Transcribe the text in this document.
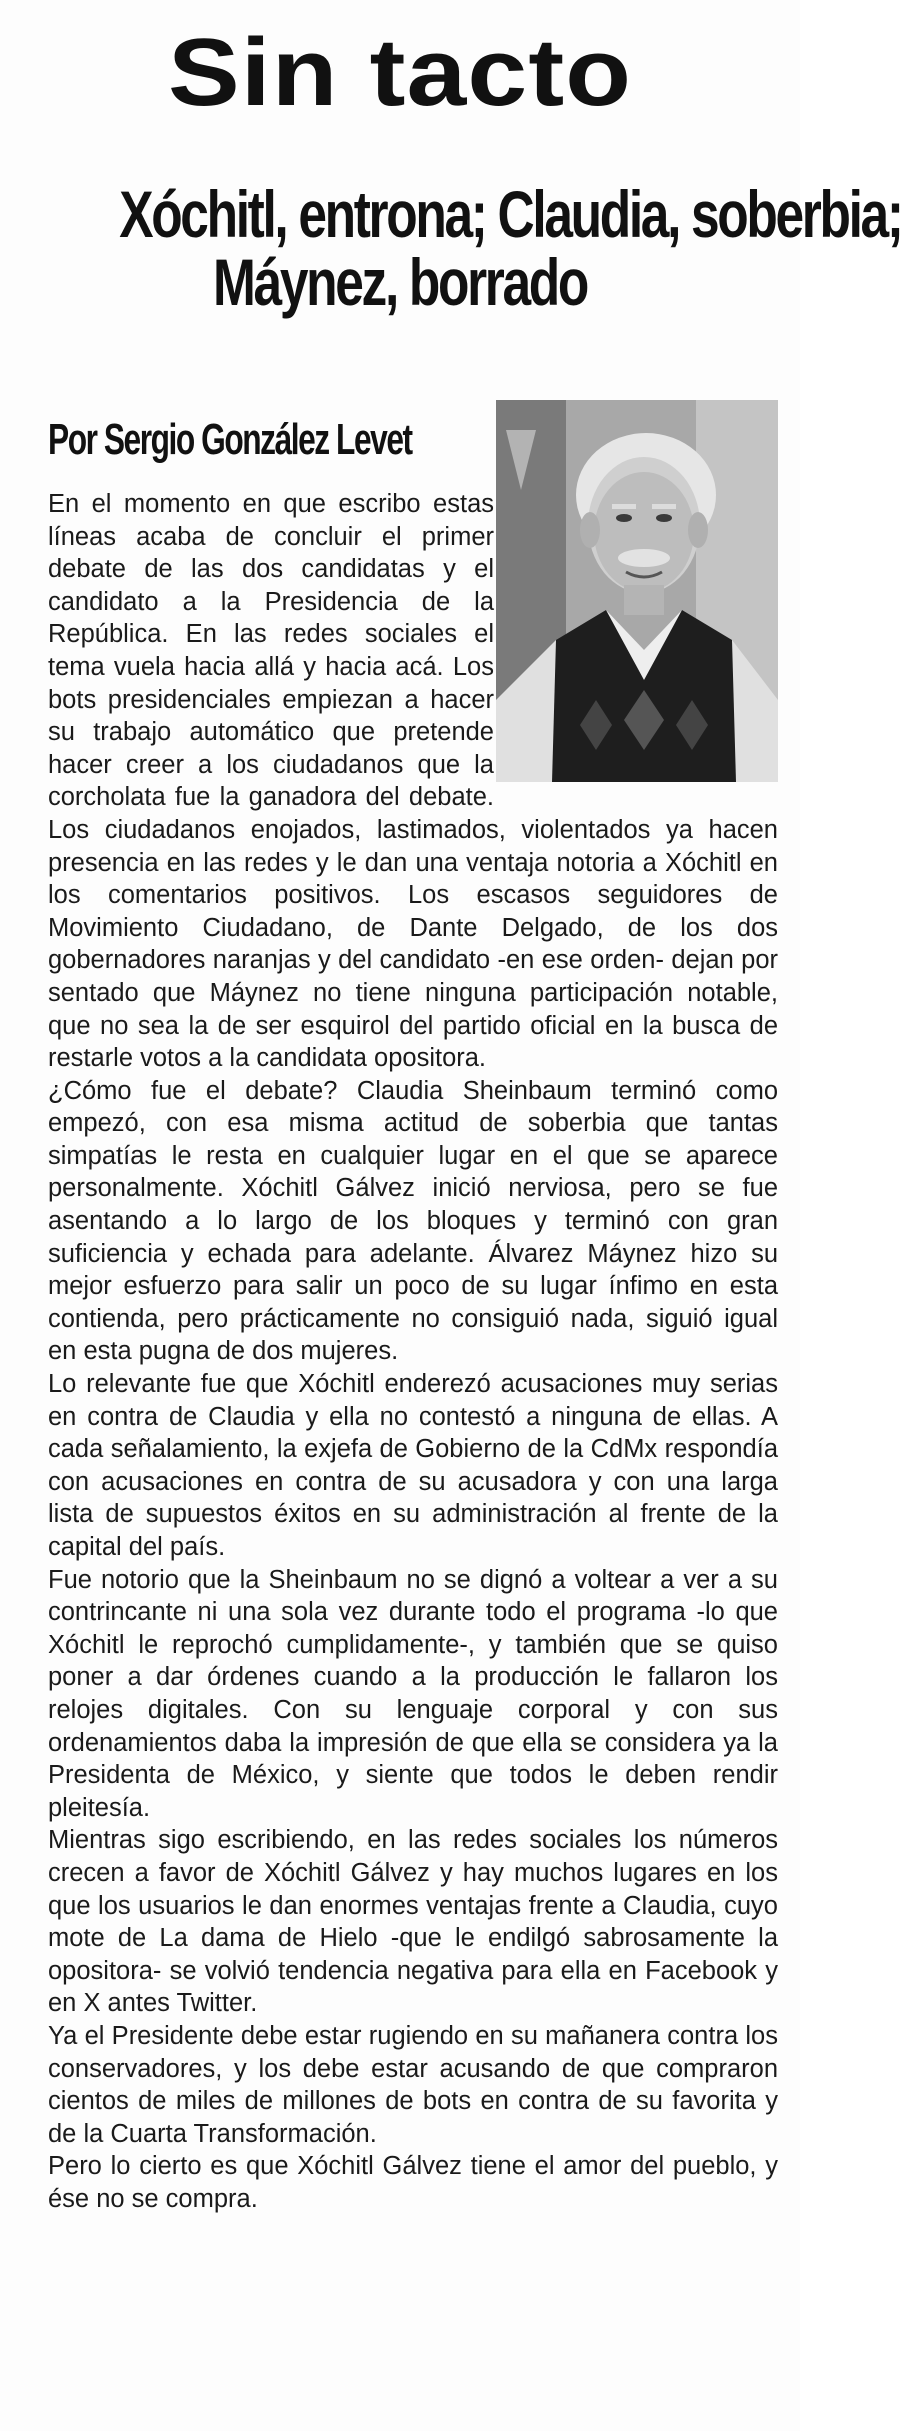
Sin tacto
Xóchitl, entrona; Claudia, soberbia;
Máynez, borrado
Por Sergio González Levet

En el momento en que escribo estas líneas acaba de concluir el primer debate de las dos candidatas y el candidato a la Presidencia de la República. En las redes sociales el tema vuela hacia allá y hacia acá. Los bots presidenciales empiezan a hacer su trabajo automático que pretende hacer creer a los ciudadanos que la corcholata fue la ganadora del debate. Los ciudadanos enojados, lastimados, violentados ya hacen presencia en las redes y le dan una ventaja notoria a Xóchitl en los comentarios positivos. Los escasos seguidores de Movimiento Ciudadano, de Dante Delgado, de los dos gobernadores naranjas y del candidato -en ese orden- dejan por sentado que Máynez no tiene ninguna participación notable, que no sea la de ser esquirol del partido oficial en la busca de restarle votos a la candidata opositora.

¿Cómo fue el debate? Claudia Sheinbaum terminó como empezó, con esa misma actitud de soberbia que tantas simpatías le resta en cualquier lugar en el que se aparece personalmente. Xóchitl Gálvez inició nerviosa, pero se fue asentando a lo largo de los bloques y terminó con gran suficiencia y echada para adelante. Álvarez Máynez hizo su mejor esfuerzo para salir un poco de su lugar ínfimo en esta contienda, pero prácticamente no consiguió nada, siguió igual en esta pugna de dos mujeres.

Lo relevante fue que Xóchitl enderezó acusaciones muy serias en contra de Claudia y ella no contestó a ninguna de ellas. A cada señalamiento, la exjefa de Gobierno de la CdMx respondía con acusaciones en contra de su acusadora y con una larga lista de supuestos éxitos en su administración al frente de la capital del país.

Fue notorio que la Sheinbaum no se dignó a voltear a ver a su contrincante ni una sola vez durante todo el programa -lo que Xóchitl le reprochó cumplidamente-, y también que se quiso poner a dar órdenes cuando a la producción le fallaron los relojes digitales. Con su lenguaje corporal y con sus ordenamientos daba la impresión de que ella se considera ya la Presidenta de México, y siente que todos le deben rendir pleitesía.

Mientras sigo escribiendo, en las redes sociales los números crecen a favor de Xóchitl Gálvez y hay muchos lugares en los que los usuarios le dan enormes ventajas frente a Claudia, cuyo mote de La dama de Hielo -que le endilgó sabrosamente la opositora- se volvió tendencia negativa para ella en Facebook y en X antes Twitter.

Ya el Presidente debe estar rugiendo en su mañanera contra los conservadores, y los debe estar acusando de que compraron cientos de miles de millones de bots en contra de su favorita y de la Cuarta Transformación.

Pero lo cierto es que Xóchitl Gálvez tiene el amor del pueblo, y ése no se compra.
